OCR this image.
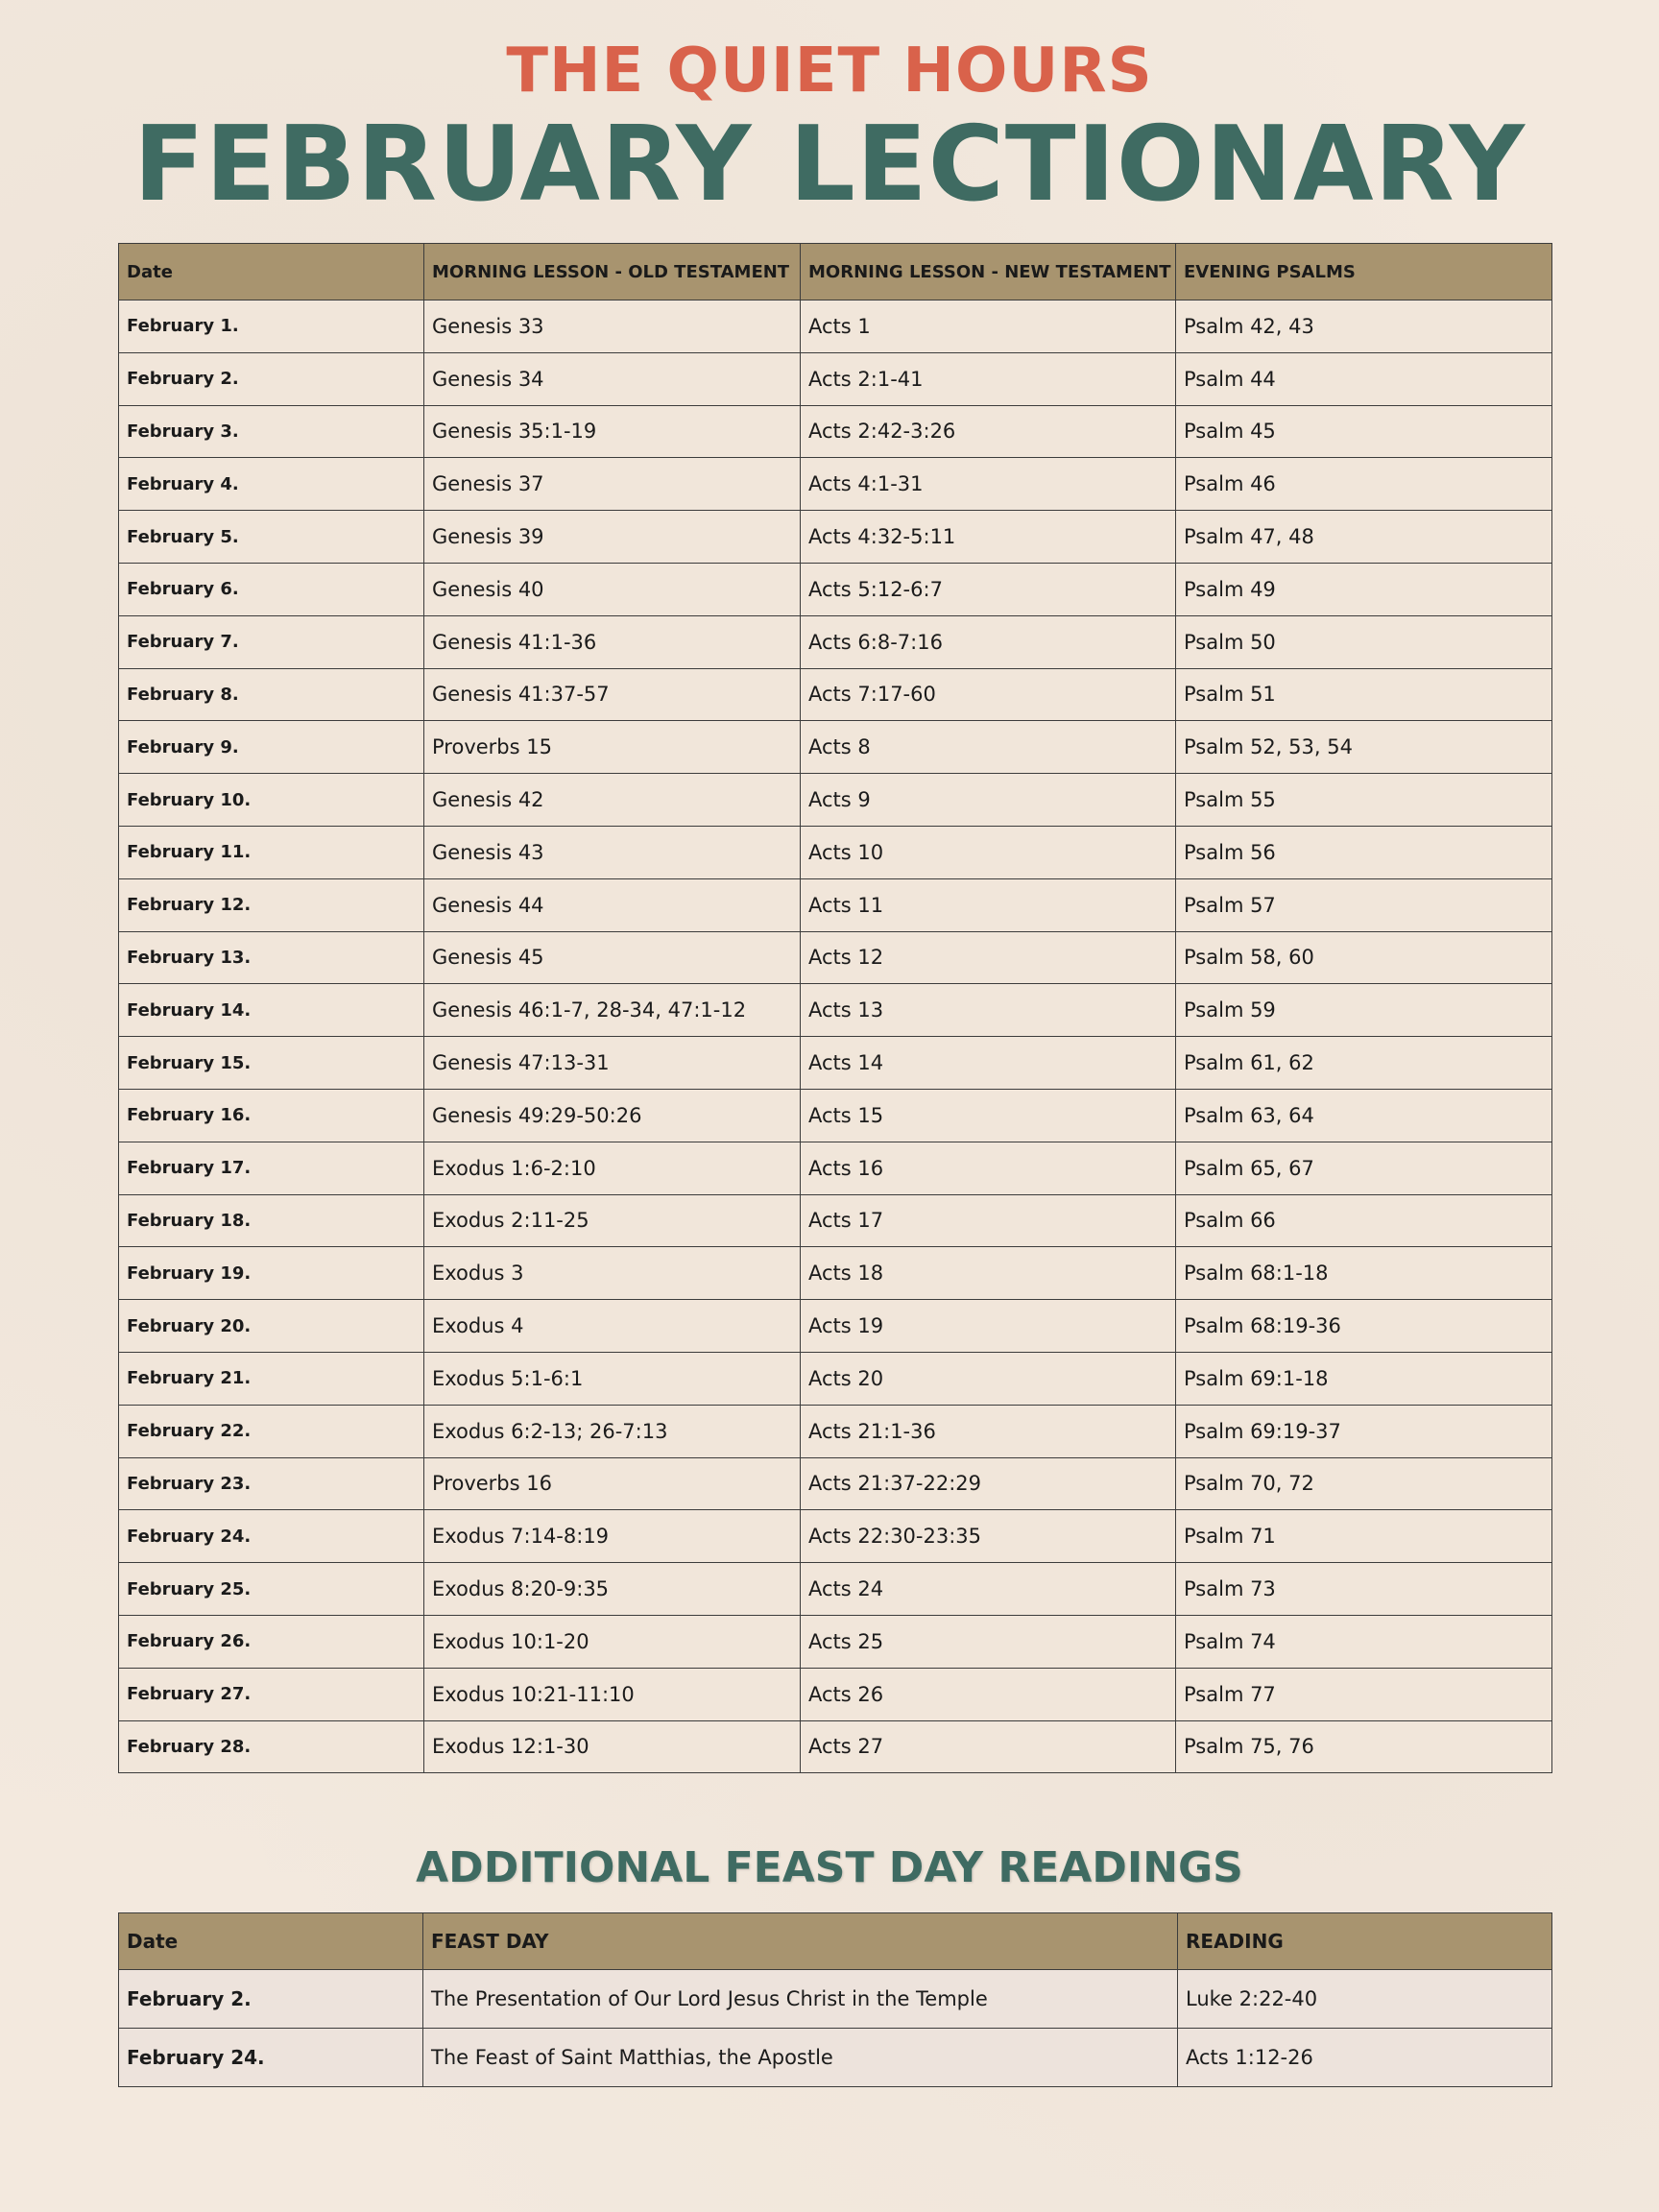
THE QUIET HOURS
FEBRUARY LECTIONARY
Date	MORNING LESSON - OLD TESTAMENT	MORNING LESSON - NEW TESTAMENT	EVENING PSALMS
February 1.	Genesis 33	Acts 1	Psalm 42, 43
February 2.	Genesis 34	Acts 2:1-41	Psalm 44
February 3.	Genesis 35:1-19	Acts 2:42-3:26	Psalm 45
February 4.	Genesis 37	Acts 4:1-31	Psalm 46
February 5.	Genesis 39	Acts 4:32-5:11	Psalm 47, 48
February 6.	Genesis 40	Acts 5:12-6:7	Psalm 49
February 7.	Genesis 41:1-36	Acts 6:8-7:16	Psalm 50
February 8.	Genesis 41:37-57	Acts 7:17-60	Psalm 51
February 9.	Proverbs 15	Acts 8	Psalm 52, 53, 54
February 10.	Genesis 42	Acts 9	Psalm 55
February 11.	Genesis 43	Acts 10	Psalm 56
February 12.	Genesis 44	Acts 11	Psalm 57
February 13.	Genesis 45	Acts 12	Psalm 58, 60
February 14.	Genesis 46:1-7, 28-34, 47:1-12	Acts 13	Psalm 59
February 15.	Genesis 47:13-31	Acts 14	Psalm 61, 62
February 16.	Genesis 49:29-50:26	Acts 15	Psalm 63, 64
February 17.	Exodus 1:6-2:10	Acts 16	Psalm 65, 67
February 18.	Exodus 2:11-25	Acts 17	Psalm 66
February 19.	Exodus 3	Acts 18	Psalm 68:1-18
February 20.	Exodus 4	Acts 19	Psalm 68:19-36
February 21.	Exodus 5:1-6:1	Acts 20	Psalm 69:1-18
February 22.	Exodus 6:2-13; 26-7:13	Acts 21:1-36	Psalm 69:19-37
February 23.	Proverbs 16	Acts 21:37-22:29	Psalm 70, 72
February 24.	Exodus 7:14-8:19	Acts 22:30-23:35	Psalm 71
February 25.	Exodus 8:20-9:35	Acts 24	Psalm 73
February 26.	Exodus 10:1-20	Acts 25	Psalm 74
February 27.	Exodus 10:21-11:10	Acts 26	Psalm 77
February 28.	Exodus 12:1-30	Acts 27	Psalm 75, 76
ADDITIONAL FEAST DAY READINGS
Date	FEAST DAY	READING
February 2.	The Presentation of Our Lord Jesus Christ in the Temple	Luke 2:22-40
February 24.	The Feast of Saint Matthias, the Apostle	Acts 1:12-26
